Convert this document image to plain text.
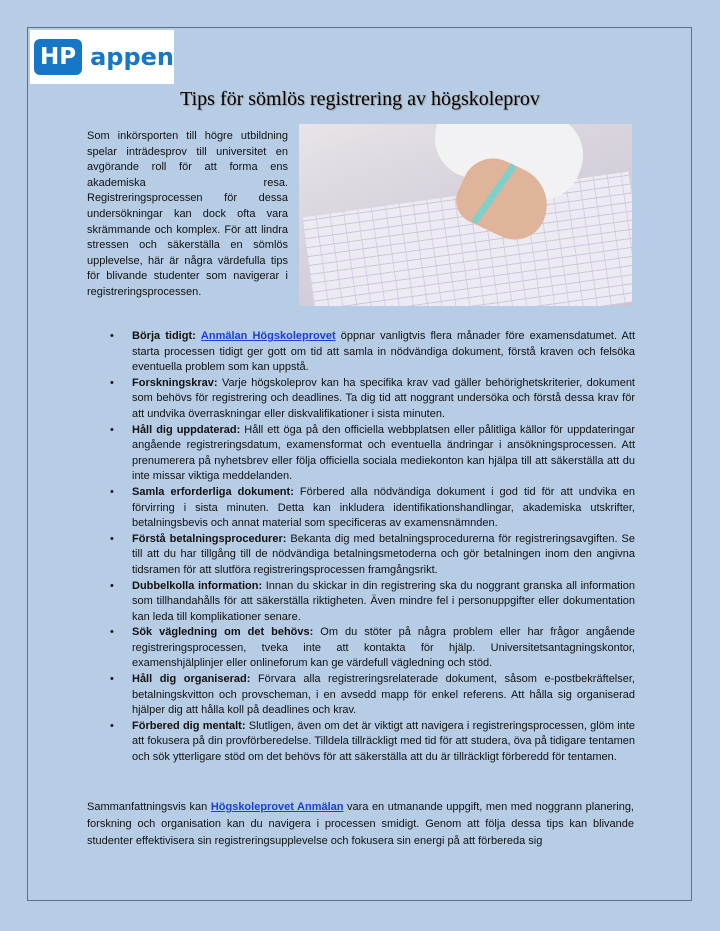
HP appen
Tips för sömlös registrering av högskoleprov

Som inkörsporten till högre utbildning spelar inträdesprov till universitet en avgörande roll för att forma ens akademiska resa. Registreringsprocessen för dessa undersökningar kan dock ofta vara skrämmande och komplex. För att lindra stressen och säkerställa en sömlös upplevelse, här är några värdefulla tips för blivande studenter som navigerar i registreringsprocessen.

• Börja tidigt: Anmälan Högskoleprovet öppnar vanligtvis flera månader före examensdatumet. Att starta processen tidigt ger gott om tid att samla in nödvändiga dokument, förstå kraven och felsöka eventuella problem som kan uppstå.
• Forskningskrav: Varje högskoleprov kan ha specifika krav vad gäller behörighetskriterier, dokument som behövs för registrering och deadlines. Ta dig tid att noggrant undersöka och förstå dessa krav för att undvika överraskningar eller diskvalifikationer i sista minuten.
• Håll dig uppdaterad: Håll ett öga på den officiella webbplatsen eller pålitliga källor för uppdateringar angående registreringsdatum, examensformat och eventuella ändringar i ansökningsprocessen. Att prenumerera på nyhetsbrev eller följa officiella sociala mediekonton kan hjälpa till att säkerställa att du inte missar viktiga meddelanden.
• Samla erforderliga dokument: Förbered alla nödvändiga dokument i god tid för att undvika en förvirring i sista minuten. Detta kan inkludera identifikationshandlingar, akademiska utskrifter, betalningsbevis och annat material som specificeras av examensnämnden.
• Förstå betalningsprocedurer: Bekanta dig med betalningsprocedurerna för registreringsavgiften. Se till att du har tillgång till de nödvändiga betalningsmetoderna och gör betalningen inom den angivna tidsramen för att slutföra registreringsprocessen framgångsrikt.
• Dubbelkolla information: Innan du skickar in din registrering ska du noggrant granska all information som tillhandahålls för att säkerställa riktigheten. Även mindre fel i personuppgifter eller dokumentation kan leda till komplikationer senare.
• Sök vägledning om det behövs: Om du stöter på några problem eller har frågor angående registreringsprocessen, tveka inte att kontakta för hjälp. Universitetsantagningskontor, examenshjälplinjer eller onlineforum kan ge värdefull vägledning och stöd.
• Håll dig organiserad: Förvara alla registreringsrelaterade dokument, såsom e-postbekräftelser, betalningskvitton och provscheman, i en avsedd mapp för enkel referens. Att hålla sig organiserad hjälper dig att hålla koll på deadlines och krav.
• Förbered dig mentalt: Slutligen, även om det är viktigt att navigera i registreringsprocessen, glöm inte att fokusera på din provförberedelse. Tilldela tillräckligt med tid för att studera, öva på tidigare tentamen och sök ytterligare stöd om det behövs för att säkerställa att du är tillräckligt förberedd för tentamen.

Sammanfattningsvis kan Högskoleprovet Anmälan vara en utmanande uppgift, men med noggrann planering, forskning och organisation kan du navigera i processen smidigt. Genom att följa dessa tips kan blivande studenter effektivisera sin registreringsupplevelse och fokusera sin energi på att förbereda sig
